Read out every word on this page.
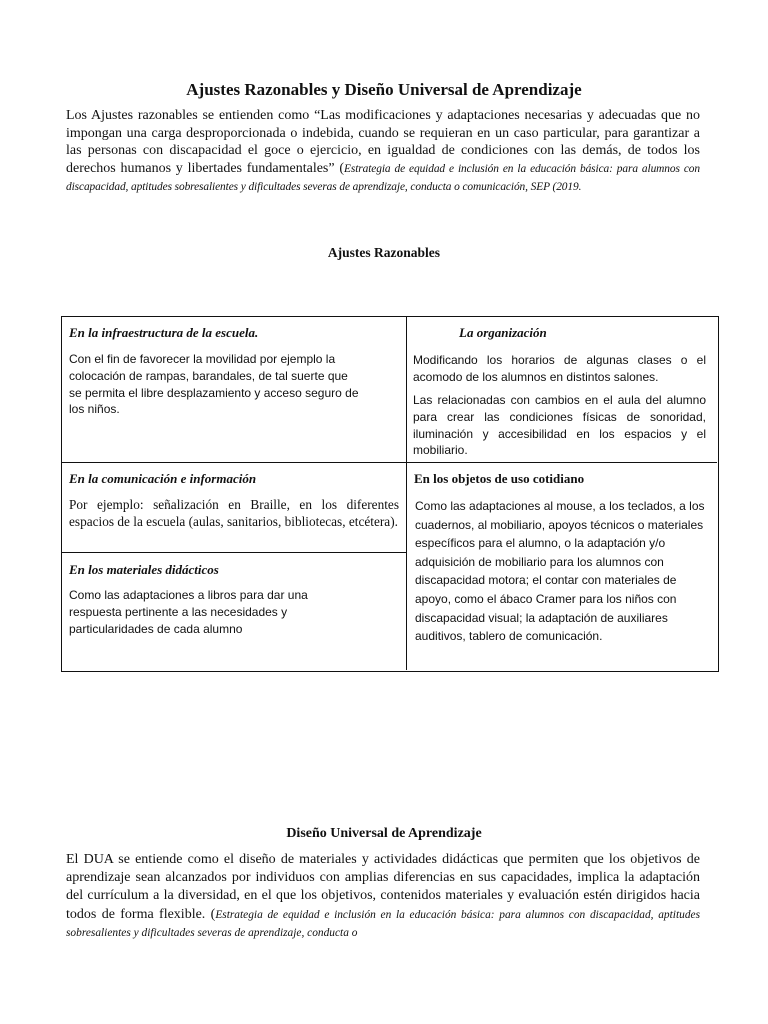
Ajustes Razonables y Diseño Universal de Aprendizaje

Los Ajustes razonables se entienden como “Las modificaciones y adaptaciones necesarias y adecuadas que no impongan una carga desproporcionada o indebida, cuando se requieran en un caso particular, para garantizar a las personas con discapacidad el goce o ejercicio, en igualdad de condiciones con las demás, de todos los derechos humanos y libertades fundamentales” (Estrategia de equidad e inclusión en la educación básica: para alumnos con discapacidad, aptitudes sobresalientes y dificultades severas de aprendizaje, conducta o comunicación, SEP (2019.

Ajustes Razonables

En la infraestructura de la escuela.

Con el fin de favorecer la movilidad por ejemplo la colocación de rampas, barandales, de tal suerte que se permita el libre desplazamiento y acceso seguro de los niños.

La organización

Modificando los horarios de algunas clases o el acomodo de los alumnos en distintos salones.

Las relacionadas con cambios en el aula del alumno para crear las condiciones físicas de sonoridad, iluminación y accesibilidad en los espacios y el mobiliario.

En la comunicación e información

Por ejemplo: señalización en Braille, en los diferentes espacios de la escuela (aulas, sanitarios, bibliotecas, etcétera).

En los materiales didácticos

Como las adaptaciones a libros para dar una respuesta pertinente a las necesidades y particularidades de cada alumno

En los objetos de uso cotidiano

Como las adaptaciones al mouse, a los teclados, a los cuadernos, al mobiliario, apoyos técnicos o materiales específicos para el alumno, o la adaptación y/o adquisición de mobiliario para los alumnos con discapacidad motora; el contar con materiales de apoyo, como el ábaco Cramer para los niños con discapacidad visual; la adaptación de auxiliares auditivos, tablero de comunicación.

Diseño Universal de Aprendizaje

El DUA se entiende como el diseño de materiales y actividades didácticas que permiten que los objetivos de aprendizaje sean alcanzados por individuos con amplias diferencias en sus capacidades, implica la adaptación del currículum a la diversidad, en el que los objetivos, contenidos materiales y evaluación estén dirigidos hacia todos de forma flexible. (Estrategia de equidad e inclusión en la educación básica: para alumnos con discapacidad, aptitudes sobresalientes y dificultades severas de aprendizaje, conducta o
